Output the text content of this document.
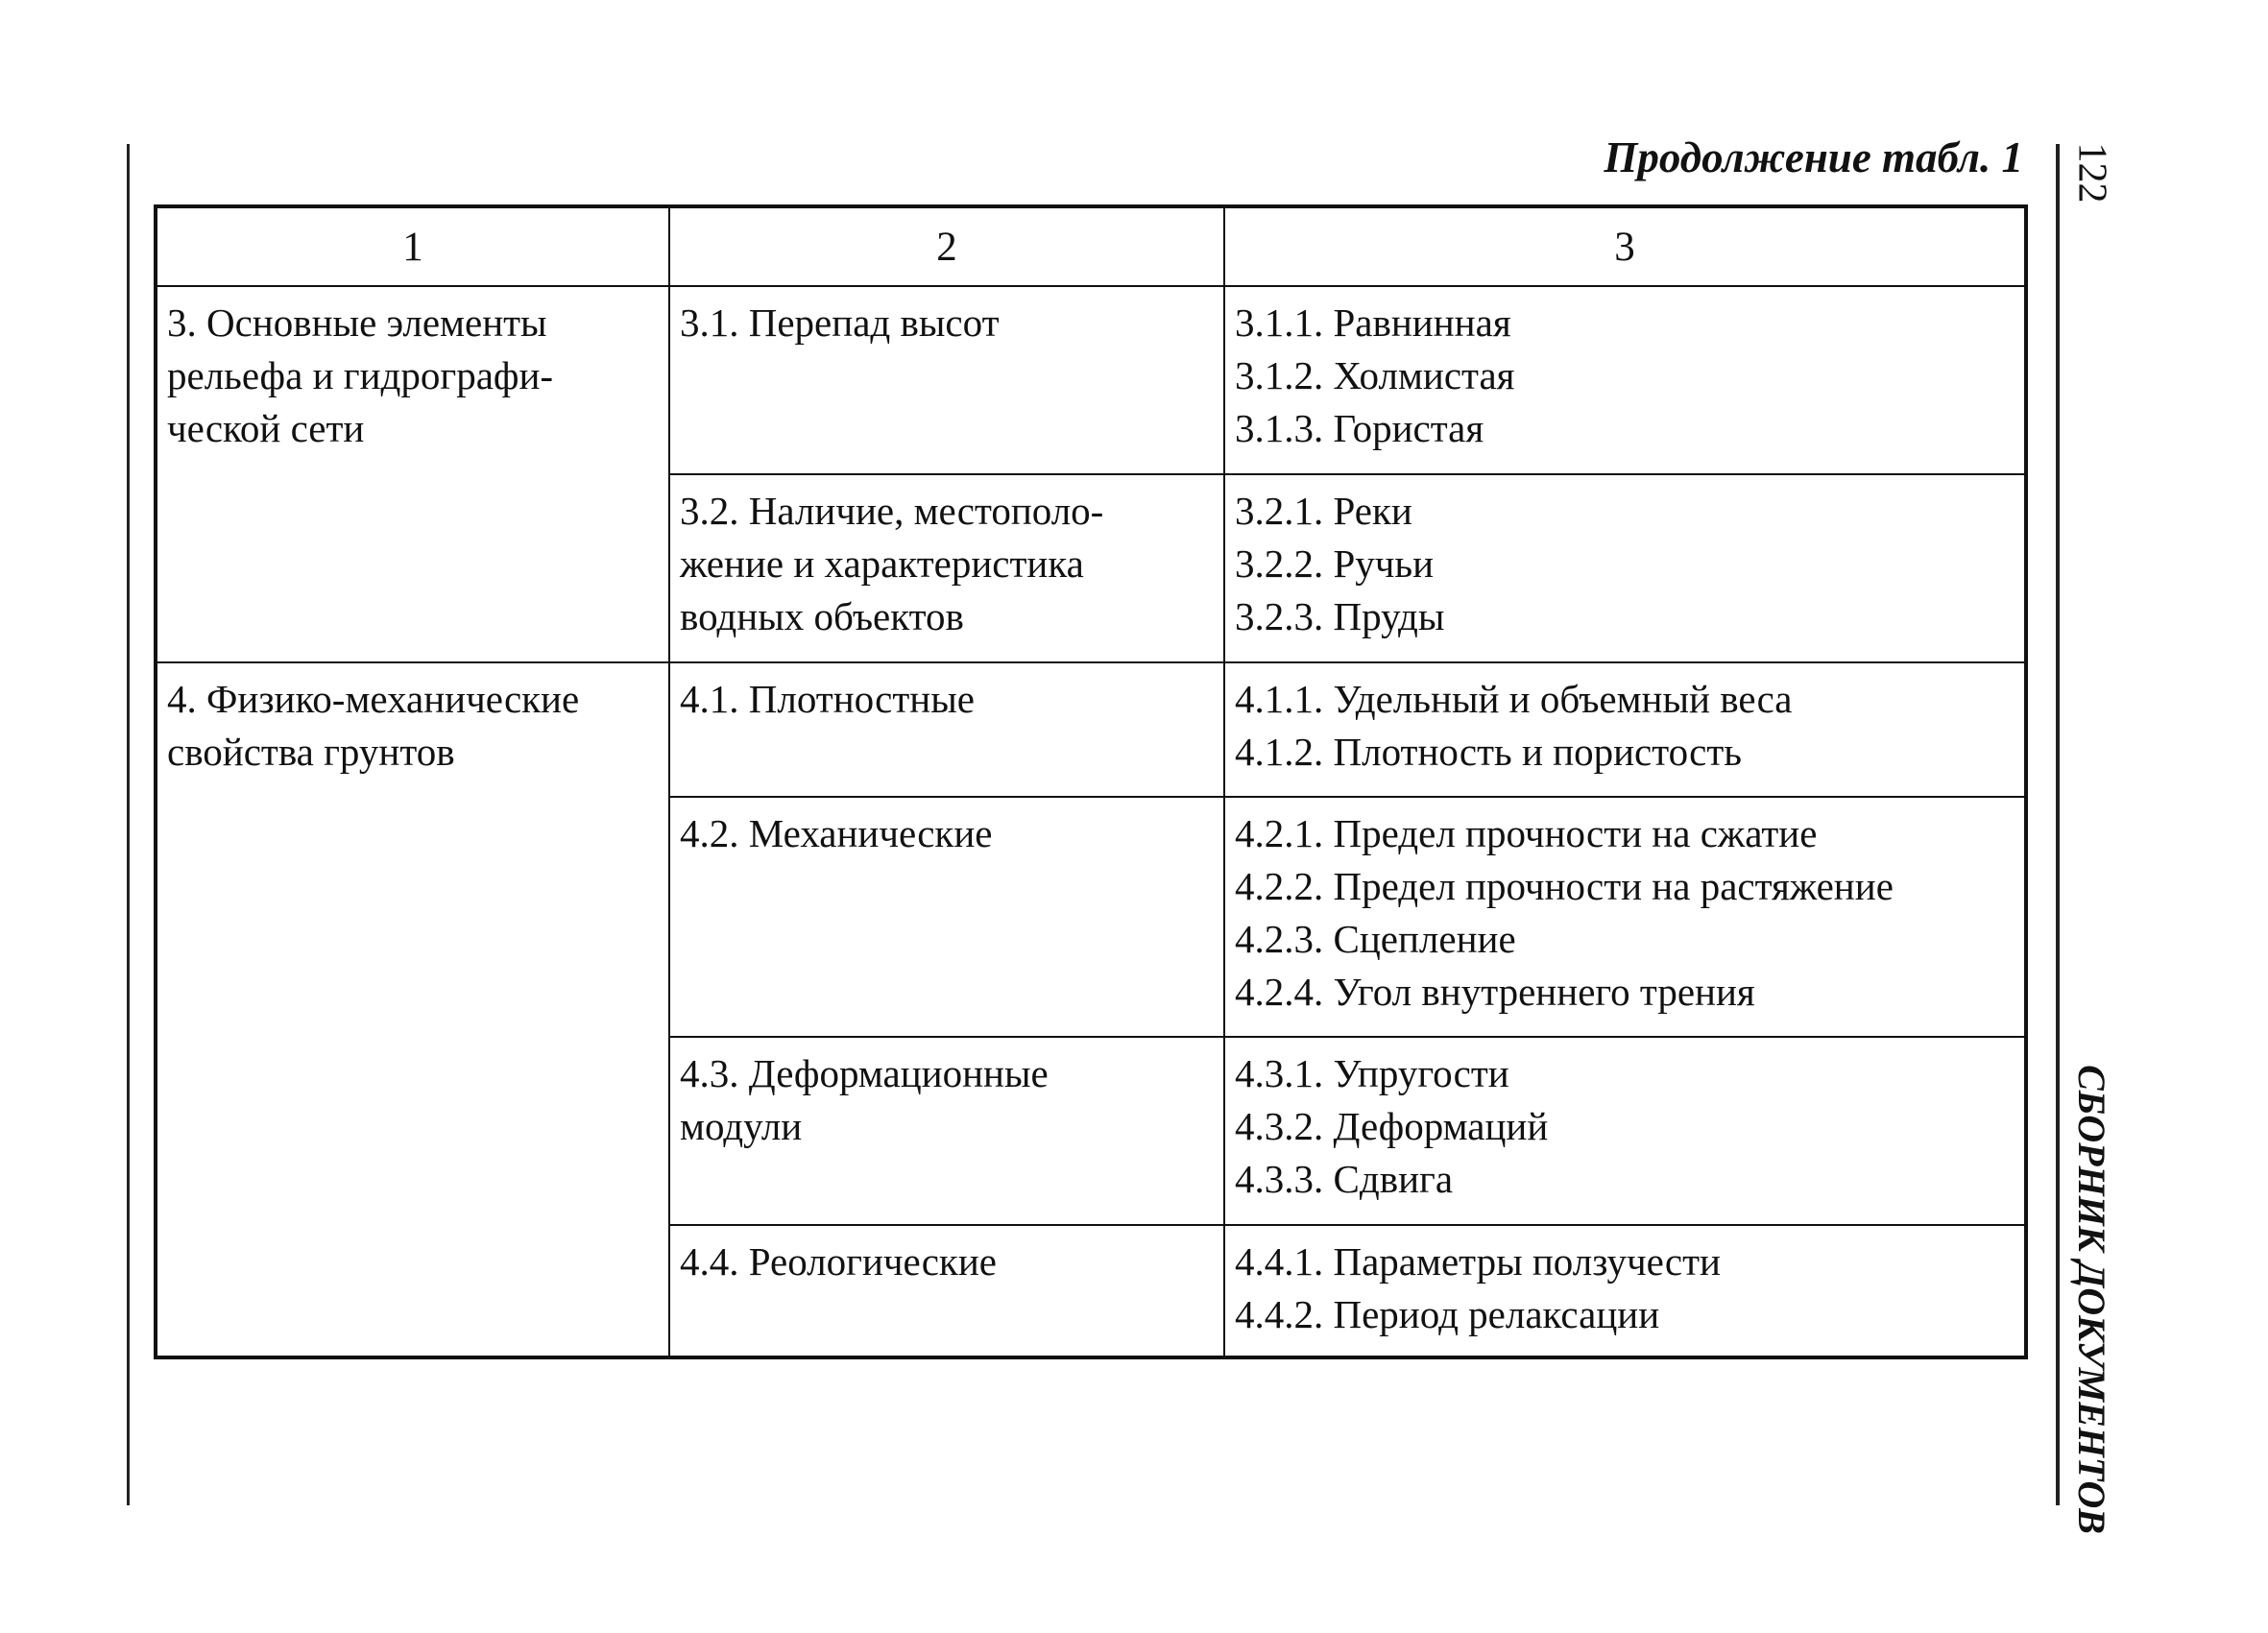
Продолжение табл. 1 122
СБОРНИК ДОКУМЕНТОВ
1	2	3

3. Основные элементы
рельефа и гидрографи-
ческой сети	3.1. Перепад высот	3.1.1. Равнинная
3.1.2. Холмистая
3.1.3. Гористая

	3.2. Наличие, местополо-
жение и характеристика
водных объектов	3.2.1. Реки
3.2.2. Ручьи
3.2.3. Пруды

4. Физико-механические
свойства грунтов	4.1. Плотностные	4.1.1. Удельный и объемный веса
4.1.2. Плотность и пористость

	4.2. Механические	4.2.1. Предел прочности на сжатие
4.2.2. Предел прочности на растяжение
4.2.3. Сцепление
4.2.4. Угол внутреннего трения

	4.3. Деформационные
модули	4.3.1. Упругости
4.3.2. Деформаций
4.3.3. Сдвига

	4.4. Реологические	4.4.1. Параметры ползучести
4.4.2. Период релаксации
